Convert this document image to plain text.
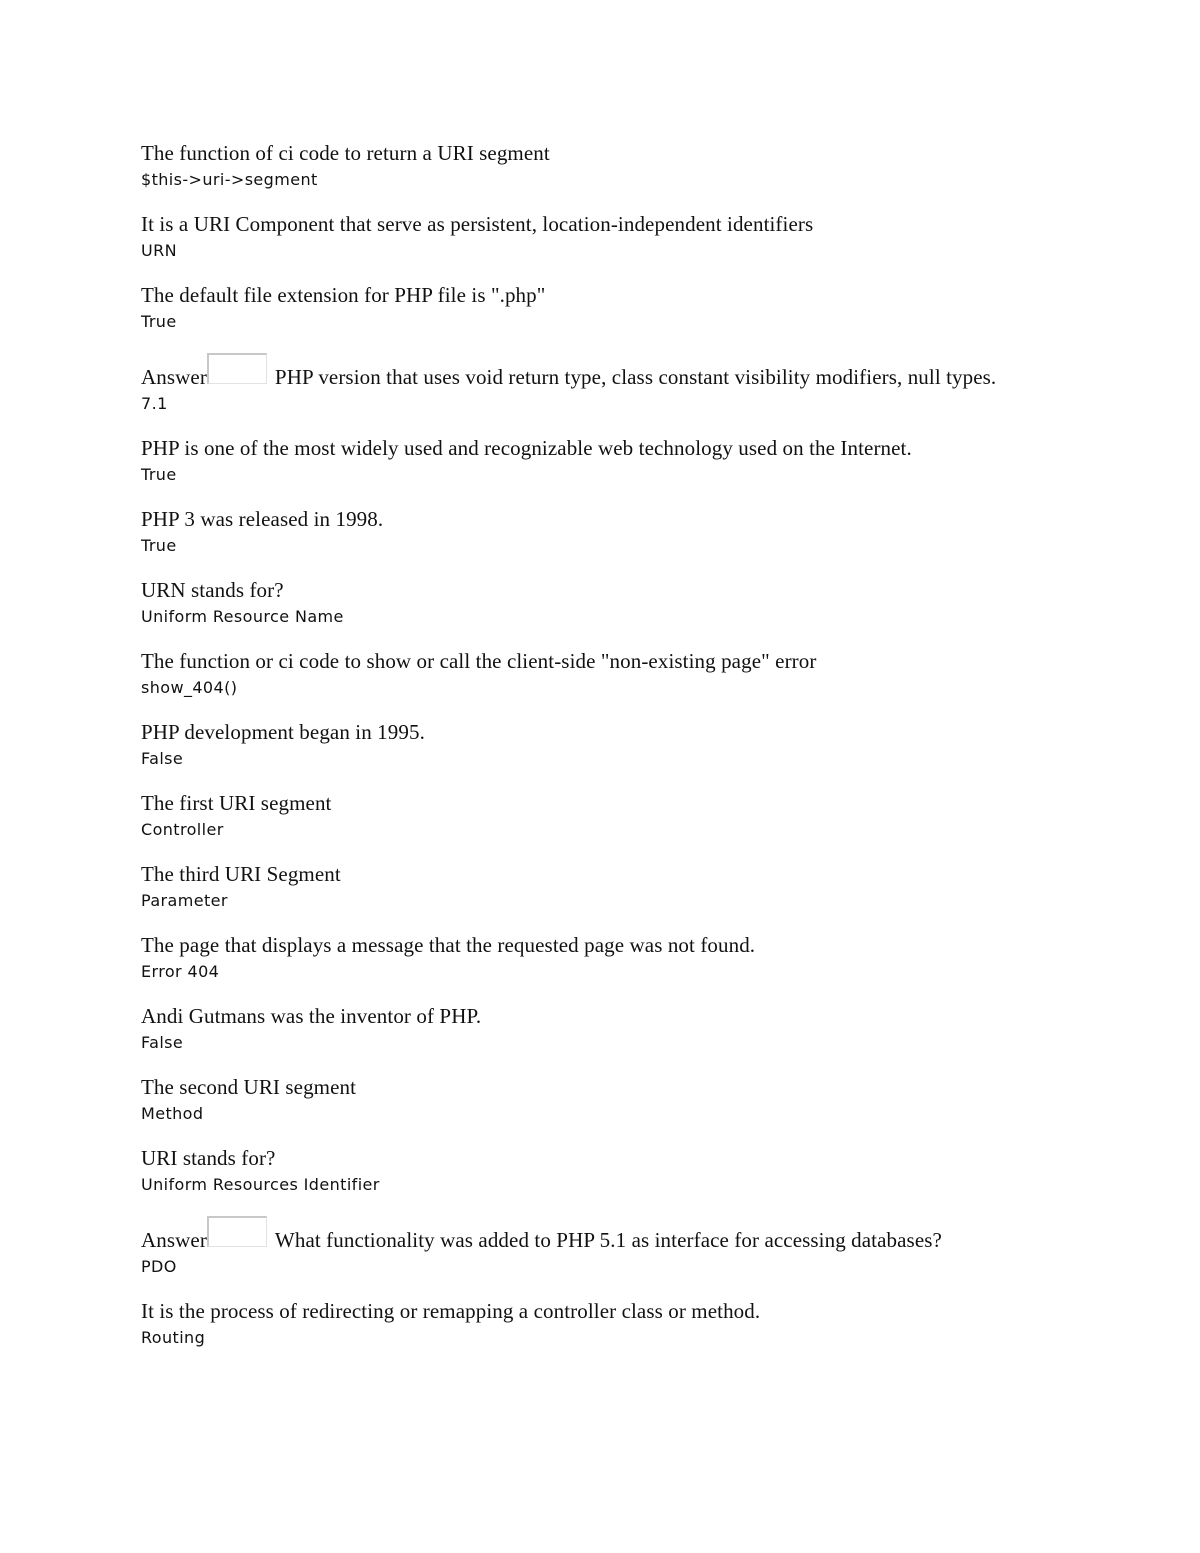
The function of ci code to return a URI segment
$this->uri->segment
It is a URI Component that serve as persistent, location-independent identifiers
URN
The default file extension for PHP file is ".php"
True
Answer	PHP version that uses void return type, class constant visibility modifiers, null types.
7.1
PHP is one of the most widely used and recognizable web technology used on the Internet.
True
PHP 3 was released in 1998.
True
URN stands for?
Uniform Resource Name
The function or ci code to show or call the client-side "non-existing page" error
show_404()
PHP development began in 1995.
False
The first URI segment
Controller
The third URI Segment
Parameter
The page that displays a message that the requested page was not found.
Error 404
Andi Gutmans was the inventor of PHP.
False
The second URI segment
Method
URI stands for?
Uniform Resources Identifier
Answer	What functionality was added to PHP 5.1 as interface for accessing databases?
PDO
It is the process of redirecting or remapping a controller class or method.
Routing
